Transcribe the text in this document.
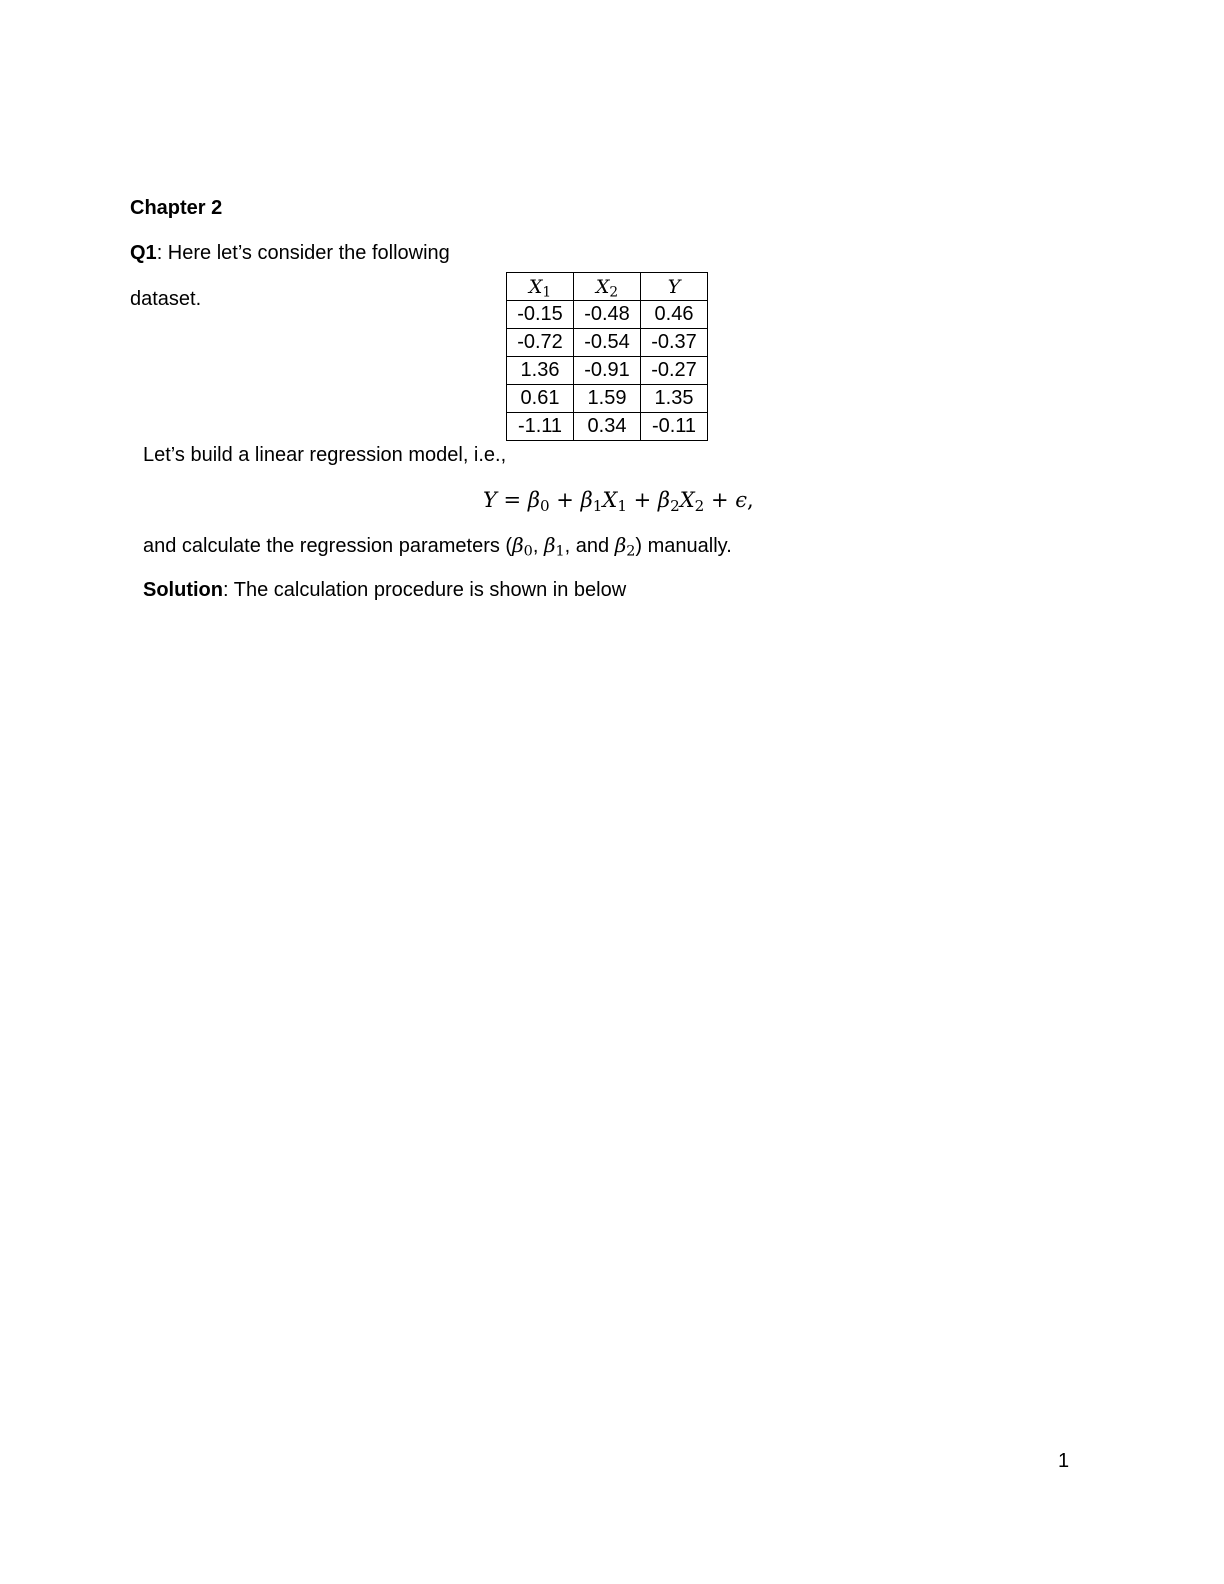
Chapter 2
Q1: Here let’s consider the following
dataset.
$X_1$	$X_2$	Y
-0.15	-0.48	0.46
-0.72	-0.54	-0.37
1.36	-0.91	-0.27
0.61	1.59	1.35
-1.11	0.34	-0.11
Let’s build a linear regression model, i.e.,
$Y = \beta_0 + \beta_1X_1 + \beta_2X_2 + \epsilon$,
and calculate the regression parameters ($\beta_0$, $\beta_1$, and $\beta_2$) manually.
Solution: The calculation procedure is shown in below
1
